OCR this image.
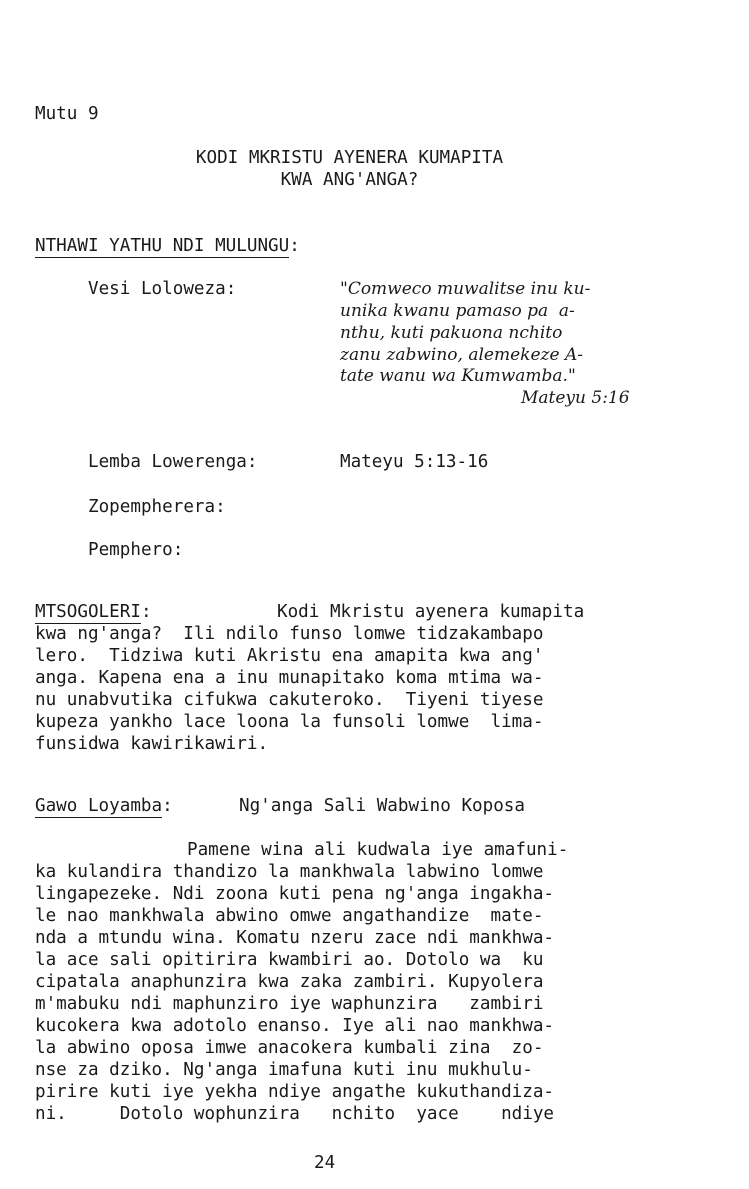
Mutu 9
KODI MKRISTU AYENERA KUMAPITA
KWA ANG'ANGA?
NTHAWI YATHU NDI MULUNGU:
Vesi Loloweza:	"Comweco muwalitse inu ku-
unika kwanu pamaso pa  a-
nthu, kuti pakuona nchito
zanu zabwino, alemekeze A-
tate wanu wa Kumwamba."
Mateyu 5:16
Lemba Lowerenga:	Mateyu 5:13-16
Zopempherera:
Pemphero:
MTSOGOLERI:	Kodi Mkristu ayenera kumapita
kwa ng'anga?  Ili ndilo funso lomwe tidzakambapo
lero.  Tidziwa kuti Akristu ena amapita kwa ang'
anga. Kapena ena a inu munapitako koma mtima wa-
nu unabvutika cifukwa cakuteroko.  Tiyeni tiyese
kupeza yankho lace loona la funsoli lomwe  lima-
funsidwa kawirikawiri.
Gawo Loyamba:	Ng'anga Sali Wabwino Koposa
Pamene wina ali kudwala iye amafuni-
ka kulandira thandizo la mankhwala labwino lomwe
lingapezeke. Ndi zoona kuti pena ng'anga ingakha-
le nao mankhwala abwino omwe angathandize  mate-
nda a mtundu wina. Komatu nzeru zace ndi mankhwa-
la ace sali opitirira kwambiri ao. Dotolo wa  ku
cipatala anaphunzira kwa zaka zambiri. Kupyolera
m'mabuku ndi maphunziro iye waphunzira   zambiri
kucokera kwa adotolo enanso. Iye ali nao mankhwa-
la abwino oposa imwe anacokera kumbali zina  zo-
nse za dziko. Ng'anga imafuna kuti inu mukhulu-
pirire kuti iye yekha ndiye angathe kukuthandiza-
ni.     Dotolo wophunzira   nchito  yace    ndiye
24
